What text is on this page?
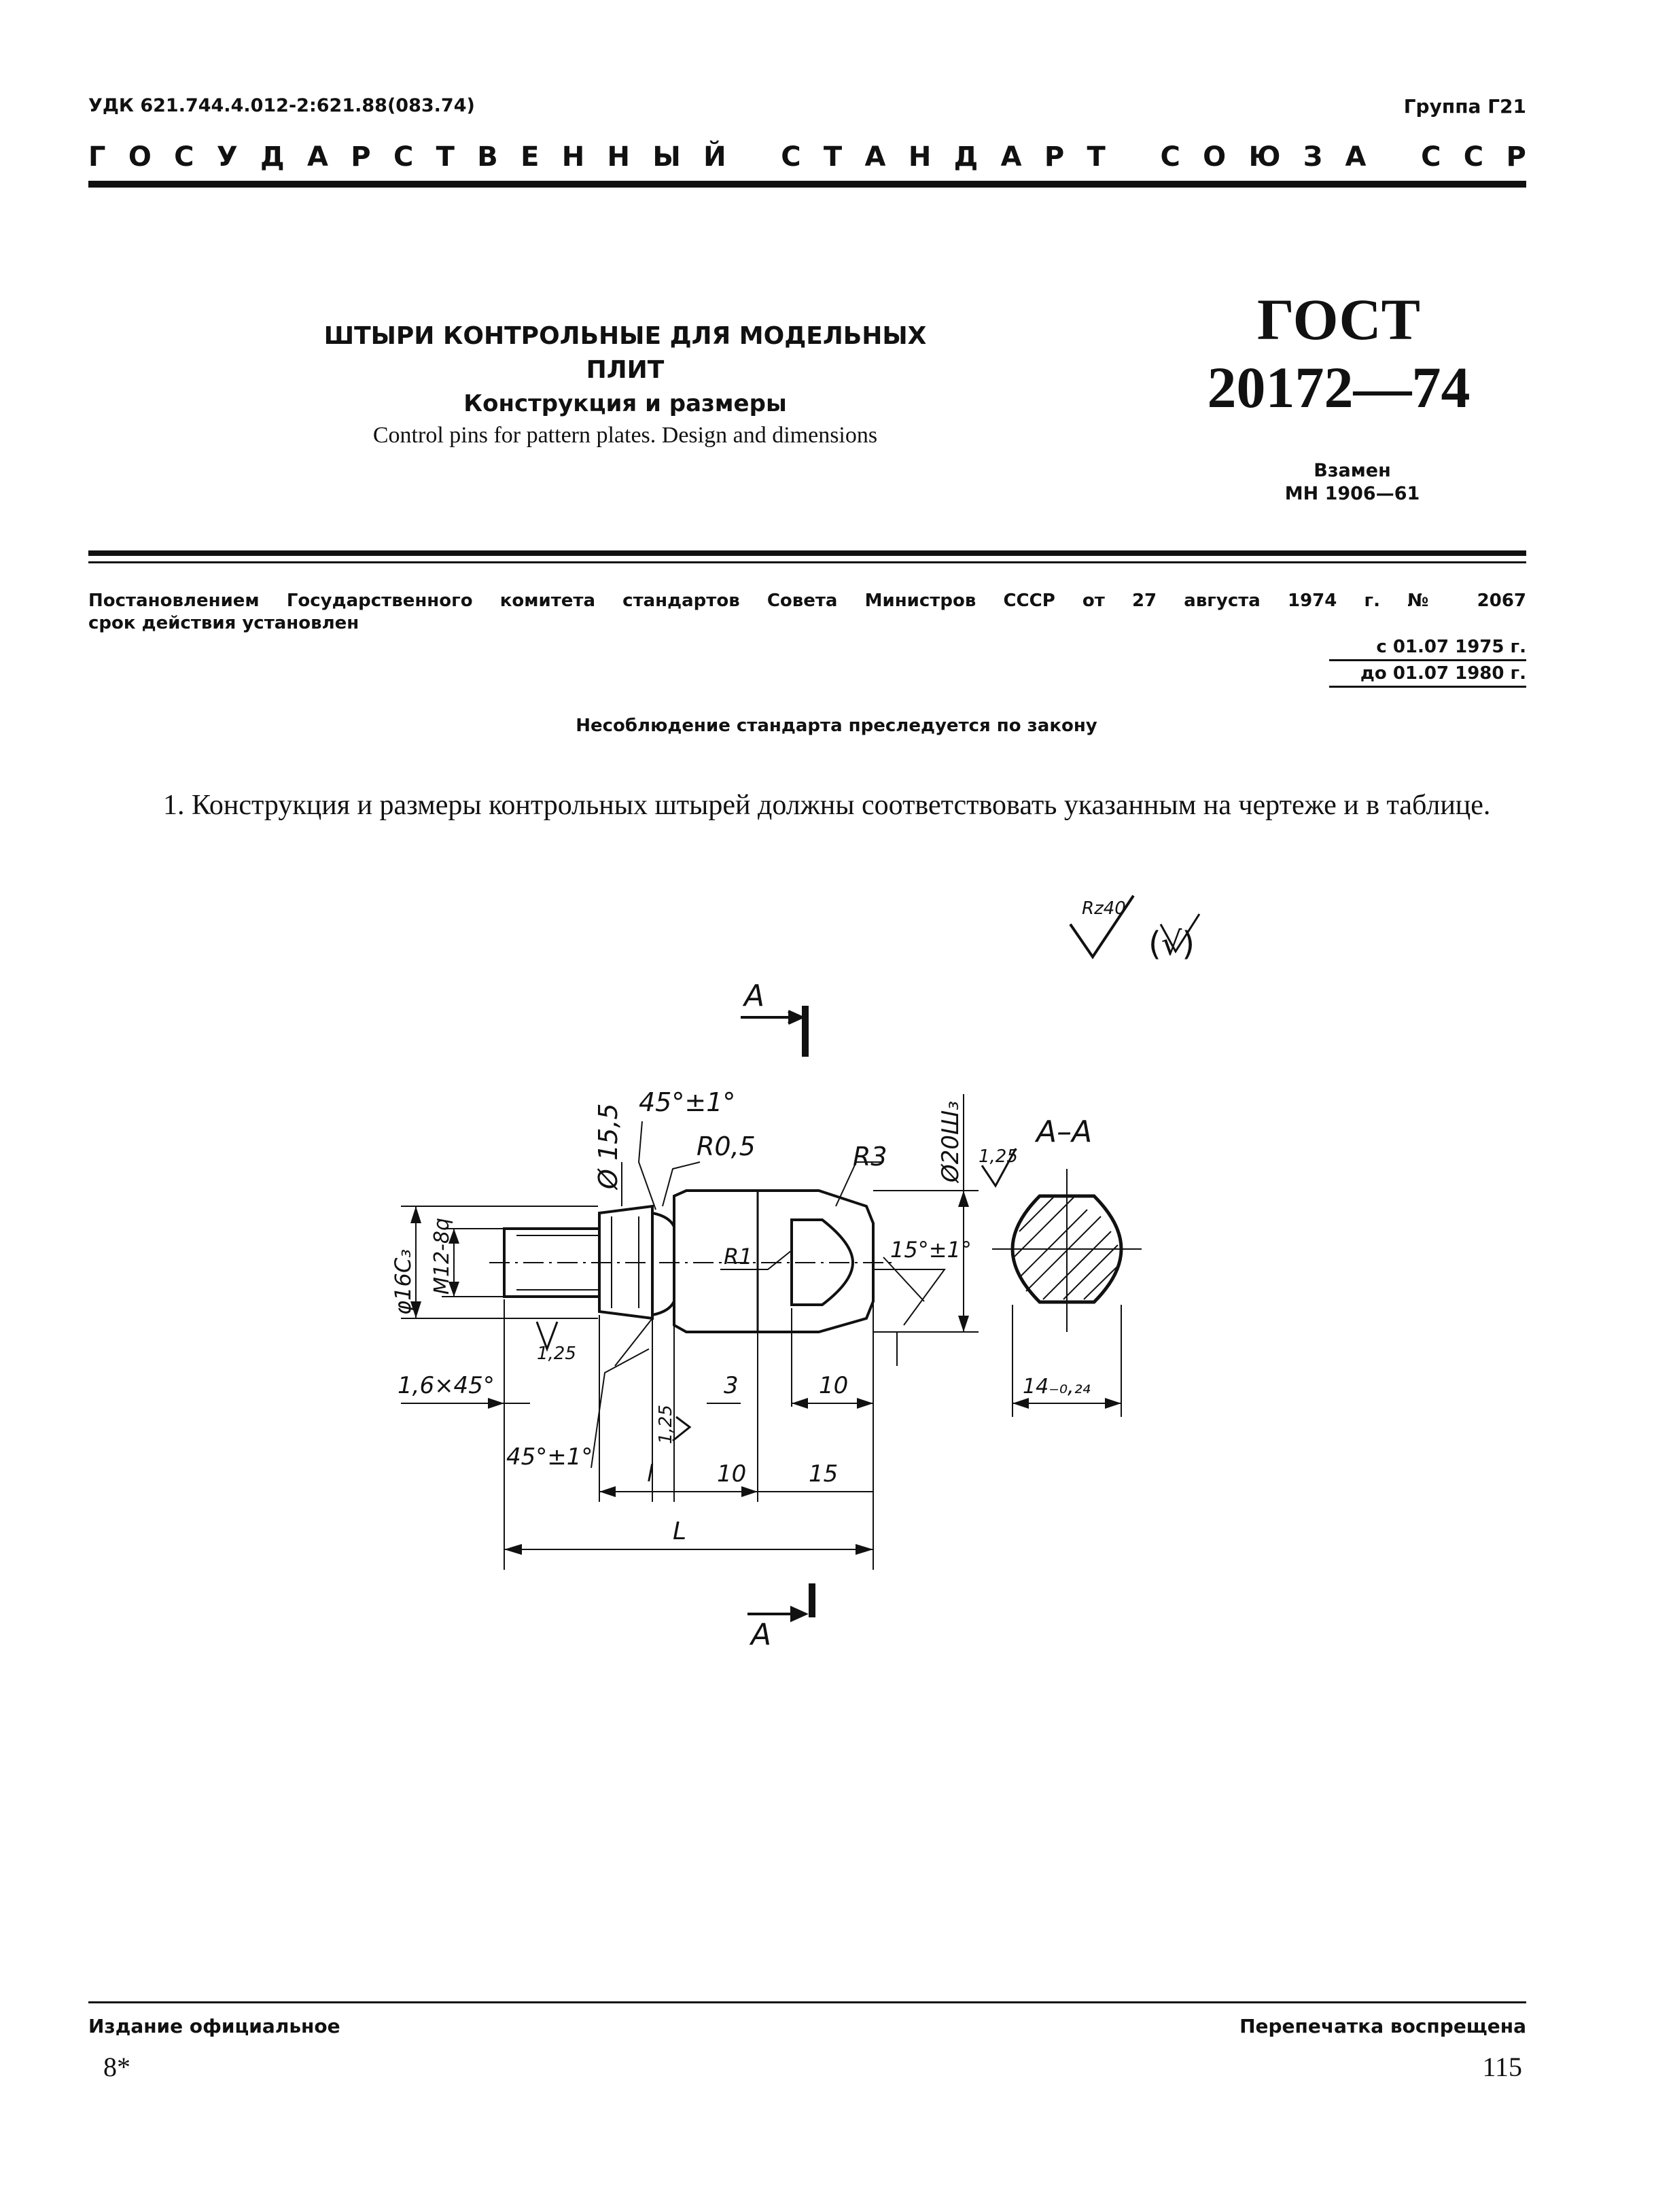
УДК 621.744.4.012-2:621.88(083.74)	Группа Г21
Г О С У Д А Р С Т В Е Н Н Ы Й
С Т А Н Д А Р Т
С О Ю З А
С С Р
ШТЫРИ КОНТРОЛЬНЫЕ ДЛЯ МОДЕЛЬНЫХ ПЛИТ
Конструкция и размеры
Control pins for pattern plates. Design and dimensions
ГОСТ
20172—74
Взамен
МН 1906—61
Постановлением Государственного комитета стандартов Совета Министров СССР от 27 августа 1974 г. № 2067
срок действия установлен
с 01.07 1975 г.
до 01.07 1980 г.
Несоблюдение стандарта преследуется по закону
1. Конструкция и размеры контрольных штырей должны соответствовать указанным на чертеже и в таблице.
Rz40
(√)
А
45°±1°
Ø 15,5	R0,5	R3 Ø20Ш₃ 1,25
А–А
φ16С₃ М12-8q	R1	15°±1°
1,25
1,6×45°	3	10
1,25
45°±1°
l	10	15
L
14₋₀,₂₄
А
Издание официальное	Перепечатка воспрещена
8*	115
